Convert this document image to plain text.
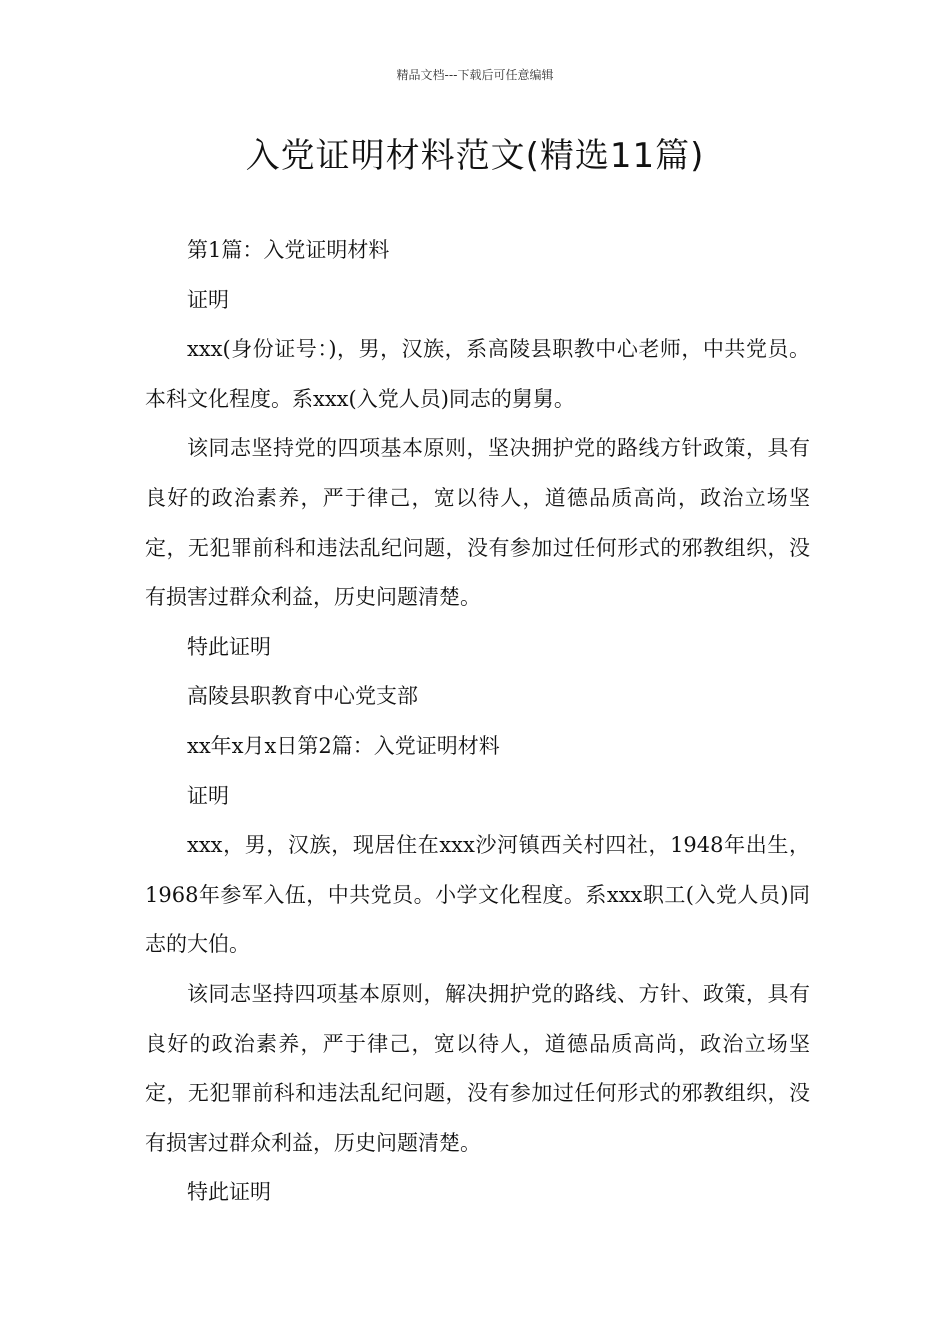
精品文档---下载后可任意编辑
入党证明材料范文(精选11篇)

第1篇：入党证明材料

证明

xxx(身份证号：)，男，汉族，系高陵县职教中心老师，中共党员。本科文化程度。系xxx(入党人员)同志的舅舅。

该同志坚持党的四项基本原则，坚决拥护党的路线方针政策，具有良好的政治素养，严于律己，宽以待人，道德品质高尚，政治立场坚定，无犯罪前科和违法乱纪问题，没有参加过任何形式的邪教组织，没有损害过群众利益，历史问题清楚。

特此证明

高陵县职教育中心党支部

xx年x月x日第2篇：入党证明材料

证明

xxx，男，汉族，现居住在xxx沙河镇西关村四社，1948年出生，1968年参军入伍，中共党员。小学文化程度。系xxx职工(入党人员)同志的大伯。

该同志坚持四项基本原则，解决拥护党的路线、方针、政策，具有良好的政治素养，严于律己，宽以待人，道德品质高尚，政治立场坚定，无犯罪前科和违法乱纪问题，没有参加过任何形式的邪教组织，没有损害过群众利益，历史问题清楚。

特此证明
